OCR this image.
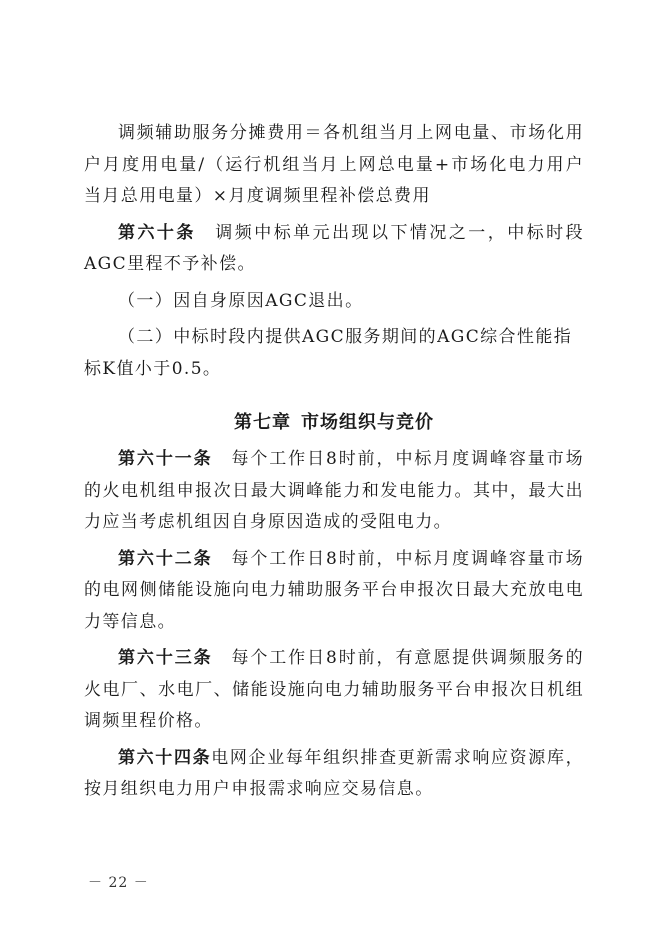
调频辅助服务分摊费用＝各机组当月上网电量、市场化用户月度用电量/（运行机组当月上网总电量+市场化电力用户当月总用电量）×月度调频里程补偿总费用

第六十条  调频中标单元出现以下情况之一，中标时段AGC里程不予补偿。

（一）因自身原因AGC退出。

（二）中标时段内提供AGC服务期间的AGC综合性能指标K值小于0.5。

第七章 市场组织与竞价

第六十一条  每个工作日8时前，中标月度调峰容量市场的火电机组申报次日最大调峰能力和发电能力。其中，最大出力应当考虑机组因自身原因造成的受阻电力。

第六十二条  每个工作日8时前，中标月度调峰容量市场的电网侧储能设施向电力辅助服务平台申报次日最大充放电电力等信息。

第六十三条  每个工作日8时前，有意愿提供调频服务的火电厂、水电厂、储能设施向电力辅助服务平台申报次日机组调频里程价格。

第六十四条电网企业每年组织排查更新需求响应资源库，按月组织电力用户申报需求响应交易信息。

－ 22 －
